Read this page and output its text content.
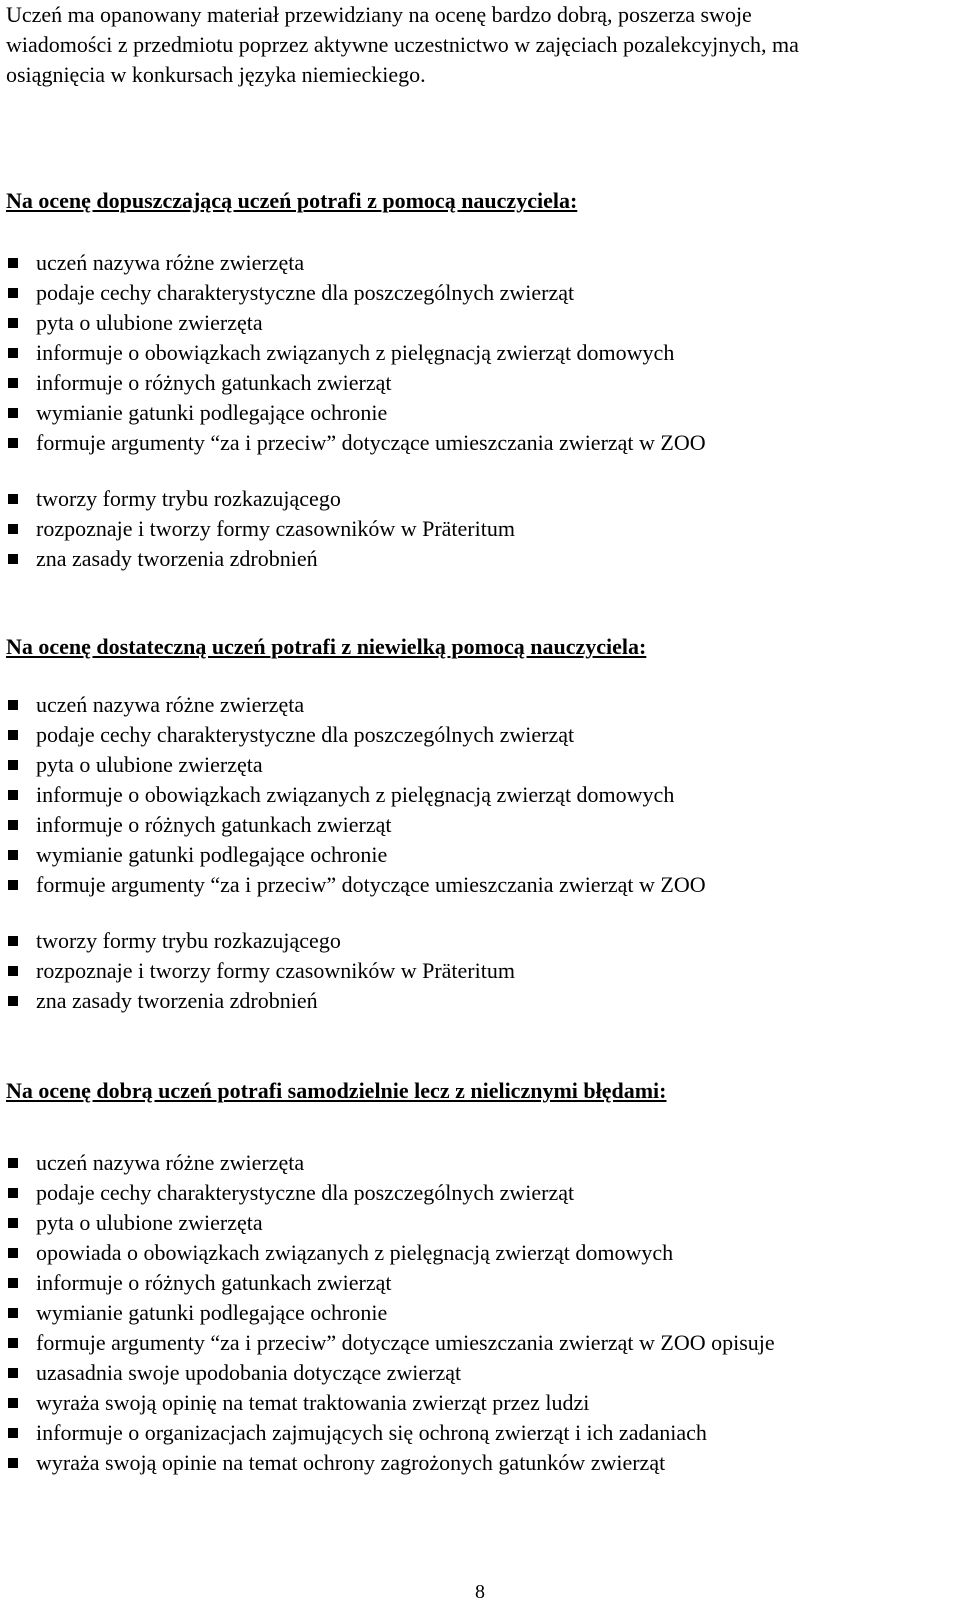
Uczeń ma opanowany materiał przewidziany na ocenę bardzo dobrą, poszerza swoje
wiadomości z przedmiotu poprzez aktywne uczestnictwo w zajęciach pozalekcyjnych, ma
osiągnięcia w konkursach języka niemieckiego.

Na ocenę dopuszczającą uczeń potrafi z pomocą nauczyciela:
uczeń nazywa różne zwierzęta
podaje cechy charakterystyczne dla poszczególnych zwierząt
pyta o ulubione zwierzęta
informuje o obowiązkach związanych z pielęgnacją zwierząt domowych
informuje o różnych gatunkach zwierząt
wymianie gatunki podlegające ochronie
formuje argumenty “za i przeciw” dotyczące umieszczania zwierząt w ZOO
tworzy formy trybu rozkazującego
rozpoznaje i tworzy formy czasowników w Präteritum
zna zasady tworzenia zdrobnień
Na ocenę dostateczną uczeń potrafi z niewielką pomocą nauczyciela:
uczeń nazywa różne zwierzęta
podaje cechy charakterystyczne dla poszczególnych zwierząt
pyta o ulubione zwierzęta
informuje o obowiązkach związanych z pielęgnacją zwierząt domowych
informuje o różnych gatunkach zwierząt
wymianie gatunki podlegające ochronie
formuje argumenty “za i przeciw” dotyczące umieszczania zwierząt w ZOO
tworzy formy trybu rozkazującego
rozpoznaje i tworzy formy czasowników w Präteritum
zna zasady tworzenia zdrobnień
Na ocenę dobrą uczeń potrafi samodzielnie lecz z nielicznymi błędami:
uczeń nazywa różne zwierzęta
podaje cechy charakterystyczne dla poszczególnych zwierząt
pyta o ulubione zwierzęta
opowiada o obowiązkach związanych z pielęgnacją zwierząt domowych
informuje o różnych gatunkach zwierząt
wymianie gatunki podlegające ochronie
formuje argumenty “za i przeciw” dotyczące umieszczania zwierząt w ZOO opisuje
uzasadnia swoje upodobania dotyczące zwierząt
wyraża swoją opinię na temat traktowania zwierząt przez ludzi
informuje o organizacjach zajmujących się ochroną zwierząt i ich zadaniach
wyraża swoją opinie na temat ochrony zagrożonych gatunków zwierząt
8
